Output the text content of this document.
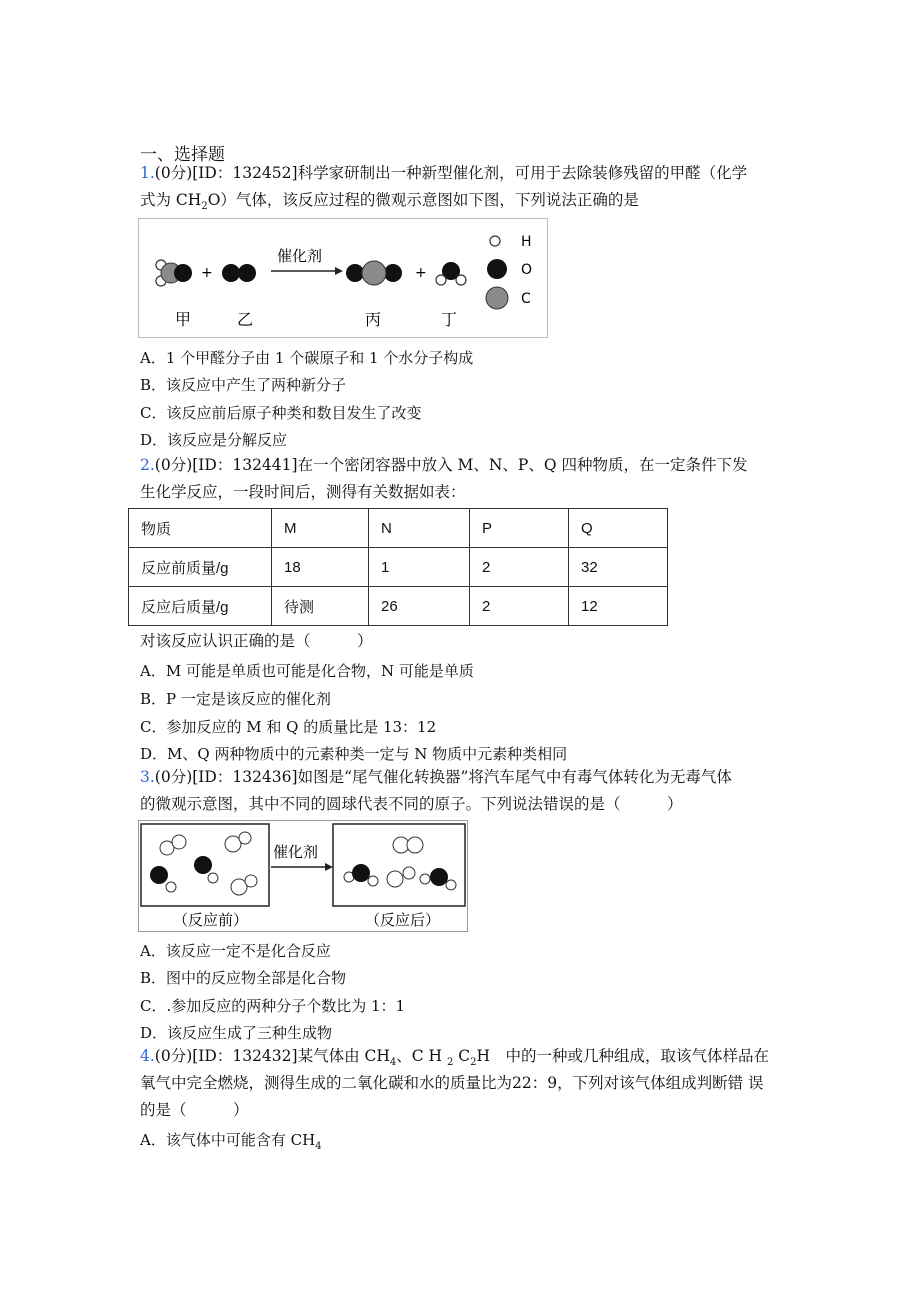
一、选择题
1.(0分)[ID：132452]科学家研制出一种新型催化剂，可用于去除装修残留的甲醛（化学
式为 $CH_2O$）气体，该反应过程的微观示意图如下图，下列说法正确的是
+
催化剂
+
H
O
C
甲	乙	丙	丁
A．1 个甲醛分子由 1 个碳原子和 1 个水分子构成
B．该反应中产生了两种新分子
C．该反应前后原子种类和数目发生了改变
D．该反应是分解反应
2.(0分)[ID：132441]在一个密闭容器中放入 M、N、P、Q 四种物质，在一定条件下发
生化学反应，一段时间后，测得有关数据如表：
物质	M	N	P	Q
反应前质量/g	18	1	2	32
反应后质量/g	待测	26	2	12
对该反应认识正确的是（　　　）
A．M 可能是单质也可能是化合物，N 可能是单质
B．P 一定是该反应的催化剂
C．参加反应的 M 和 Q 的质量比是 13：12
D．M、Q 两种物质中的元素种类一定与 N 物质中元素种类相同
3.(0分)[ID：132436]如图是“尾气催化转换器”将汽车尾气中有毒气体转化为无毒气体
的微观示意图，其中不同的圆球代表不同的原子。下列说法错误的是（　　　）
催化剂
（反应前）	（反应后）
A．该反应一定不是化合反应
B．图中的反应物全部是化合物
C．.参加反应的两种分子个数比为 1：1
D．该反应生成了三种生成物
4.(0分)[ID：132432]某气体由 $CH_4$、C H $_2$ $C_2H$　中的一种或几种组成，取该气体样品在
氧气中完全燃烧，测得生成的二氧化碳和水的质量比为22：9，下列对该气体组成判断错 误
的是（　　　）
A．该气体中可能含有 $CH_4$
